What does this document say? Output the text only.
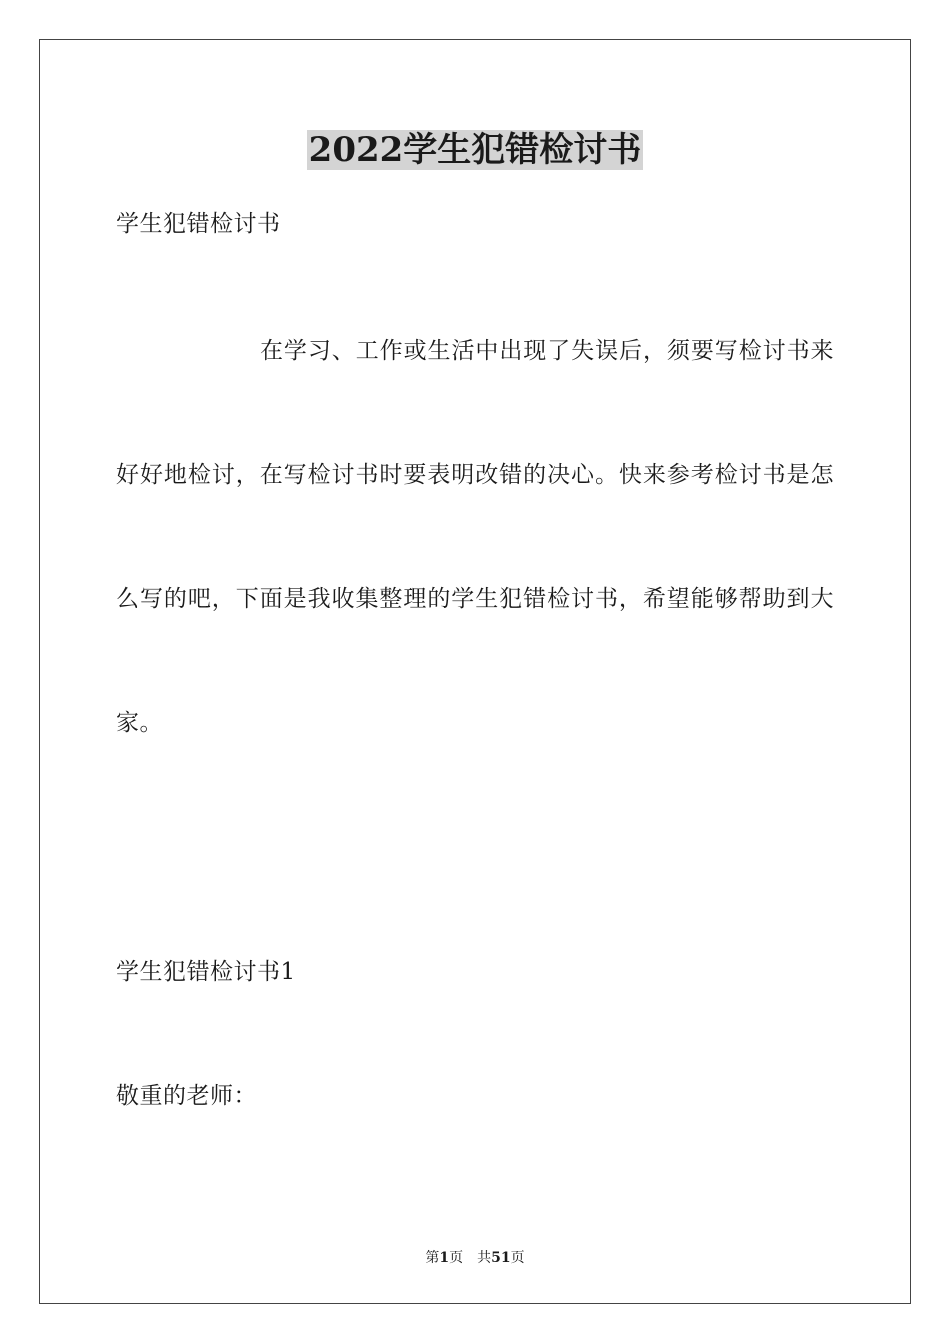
2022学生犯错检讨书
学生犯错检讨书
在学习、工作或生活中出现了失误后，须要写检讨书来
好好地检讨，在写检讨书时要表明改错的决心。快来参考检讨书是怎
么写的吧，下面是我收集整理的学生犯错检讨书，希望能够帮助到大
家。
学生犯错检讨书1
敬重的老师：
第1页 共51页
